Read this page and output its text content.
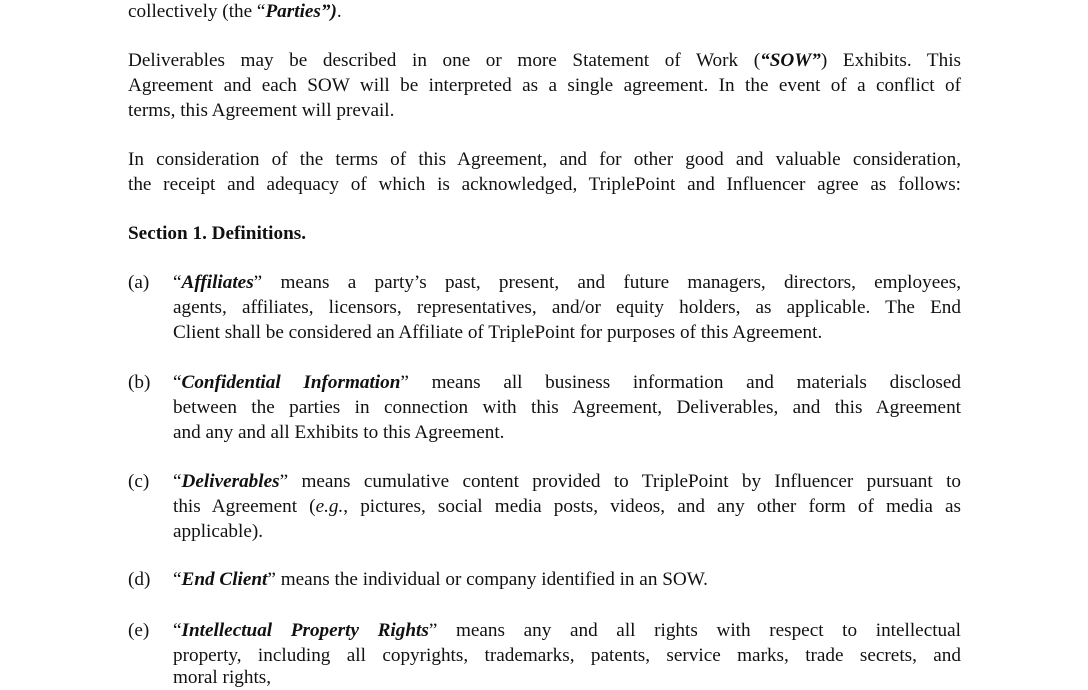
collectively (the “Parties”).
Deliverables may be described in one or more Statement of Work (“SOW”) Exhibits. This
Agreement and each SOW will be interpreted as a single agreement. In the event of a conflict of
terms, this Agreement will prevail.
In consideration of the terms of this Agreement, and for other good and valuable consideration,
the receipt and adequacy of which is acknowledged, TriplePoint and Influencer agree as follows:
Section 1. Definitions.
(a) “Affiliates” means a party’s past, present, and future managers, directors, employees,
agents, affiliates, licensors, representatives, and/or equity holders, as applicable. The End
Client shall be considered an Affiliate of TriplePoint for purposes of this Agreement.
(b) “Confidential Information” means all business information and materials disclosed
between the parties in connection with this Agreement, Deliverables, and this Agreement
and any and all Exhibits to this Agreement.
(c) “Deliverables” means cumulative content provided to TriplePoint by Influencer pursuant to
this Agreement (e.g., pictures, social media posts, videos, and any other form of media as
applicable).
(d) “End Client” means the individual or company identified in an SOW.
(e) “Intellectual Property Rights” means any and all rights with respect to intellectual
property, including all copyrights, trademarks, patents, service marks, trade secrets, and
moral rights,
